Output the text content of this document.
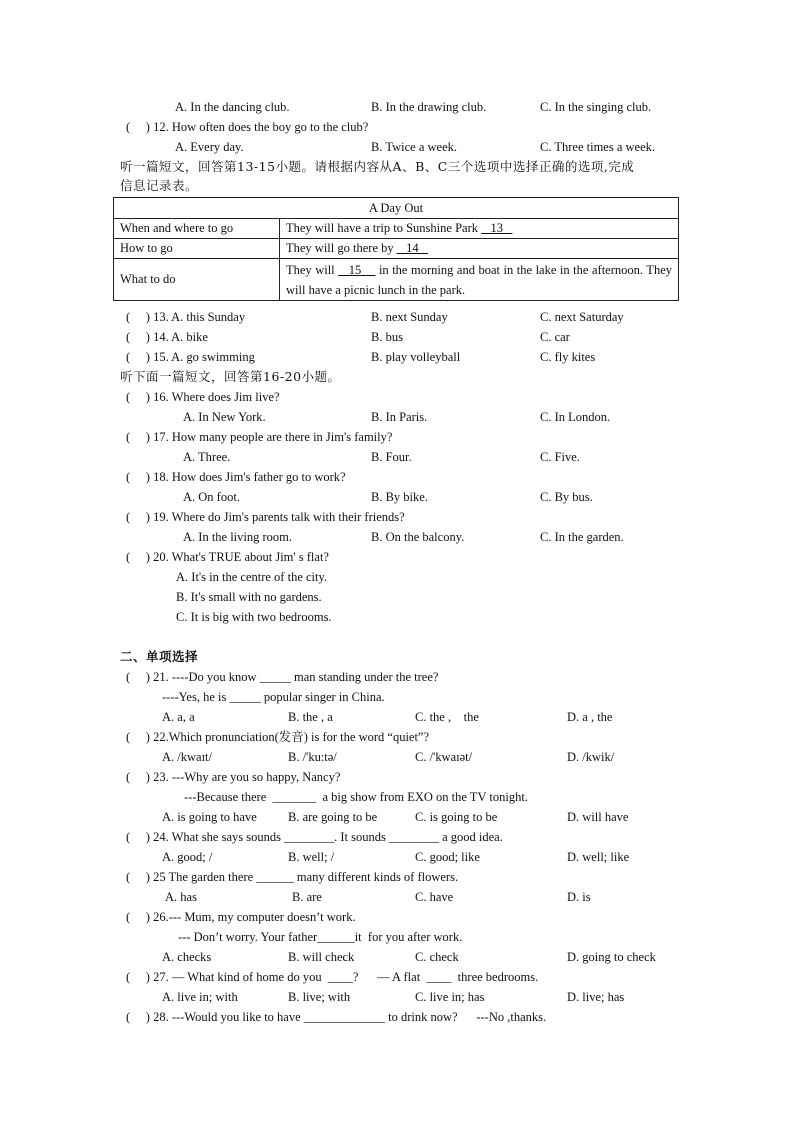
A. In the dancing club.	B. In the drawing club.	C. In the singing club.
(     ) 12. How often does the boy go to the club?
A. Every day.	B. Twice a week.	C. Three times a week.
听一篇短文，回答第13-15小题。请根据内容从A、B、C三个选项中选择正确的选项,完成
信息记录表。
A Day Out	
When and where to go	They will have a trip to Sunshine Park    13
How to go	They will go there by    14
What to do	They will    15     in the morning and boat in the lake in the afternoon. They will have a picnic lunch in the park.
(     ) 13. A. this Sunday	B. next Sunday	C. next Saturday
(     ) 14. A. bike	B. bus	C. car
(     ) 15. A. go swimming	B. play volleyball	C. fly kites
听下面一篇短文，回答第16-20小题。
(     ) 16. Where does Jim live?
A. In New York.	B. In Paris.	C. In London.
(     ) 17. How many people are there in Jim's family?
A. Three.	B. Four.	C. Five.
(     ) 18. How does Jim's father go to work?
A. On foot.	B. By bike.	C. By bus.
(     ) 19. Where do Jim's parents talk with their friends?
A. In the living room.	B. On the balcony.	C. In the garden.
(     ) 20. What's TRUE about Jim' s flat?
A. It's in the centre of the city.
B. It's small with no gardens.
C. It is big with two bedrooms.
二、单项选择
(     ) 21. ----Do you know _____ man standing under the tree?
----Yes, he is _____ popular singer in China.
A. a, a	B. the , a	C. the ,    the	D. a , the
(     ) 22.Which pronunciation(发音) is for the word “quiet”?
A. /kwaɪt/	B. /'ku:tə/	C. /'kwaɪət/	D. /kwik/
(     ) 23. ---Why are you so happy, Nancy?
---Because there  _______  a big show from EXO on the TV tonight.
A. is going to have B. are going to be	C. is going to be	D. will have
(     ) 24. What she says sounds ________. It sounds ________ a good idea.
A. good; /	B. well; /	C. good; like	D. well; like
(     ) 25 The garden there ______ many different kinds of flowers.
A. has	B. are	C. have	D. is
(     ) 26.--- Mum, my computer doesn’t work.
--- Don’t worry. Your father______it  for you after work.
A. checks	B. will check	C. check	D. going to check
(     ) 27. — What kind of home do you  ____?      — A flat  ____  three bedrooms.
A. live in; with	B. live; with	C. live in; has	D. live; has
(     ) 28. ---Would you like to have _____________ to drink now?      ---No ,thanks.
